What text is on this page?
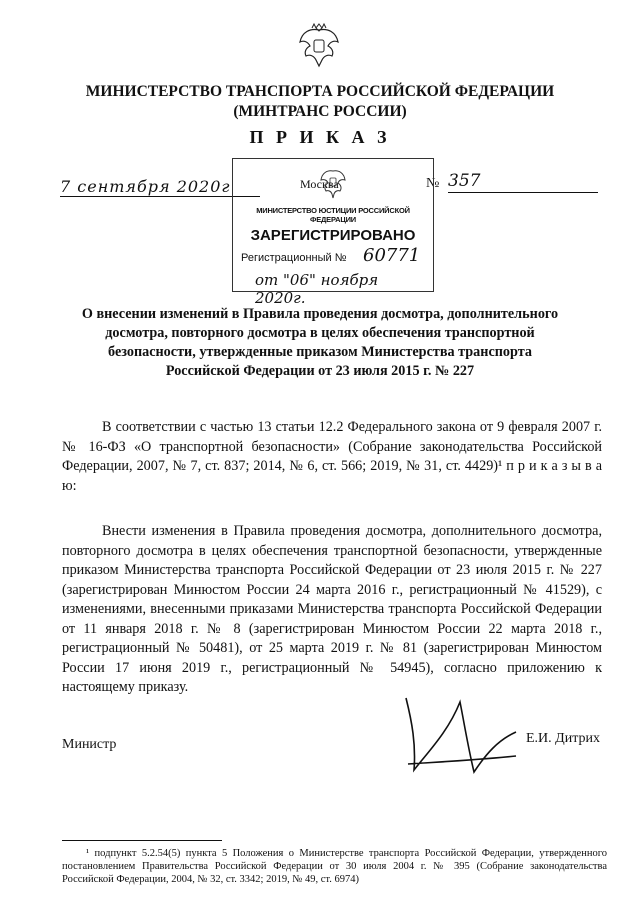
МИНИСТЕРСТВО ТРАНСПОРТА РОССИЙСКОЙ ФЕДЕРАЦИИ
(МИНТРАНС РОССИИ)
П Р И К А З
7 сентября 2020г	Москва	№ 357
МИНИСТЕРСТВО ЮСТИЦИИ РОССИЙСКОЙ ФЕДЕРАЦИИ
ЗАРЕГИСТРИРОВАНО
Регистрационный № 60771
от "06" ноября 2020г.
О внесении изменений в Правила проведения досмотра, дополнительного досмотра, повторного досмотра в целях обеспечения транспортной безопасности, утвержденные приказом Министерства транспорта Российской Федерации от 23 июля 2015 г. № 227
В соответствии с частью 13 статьи 12.2 Федерального закона от 9 февраля 2007 г. № 16-ФЗ «О транспортной безопасности» (Собрание законодательства Российской Федерации, 2007, № 7, ст. 837; 2014, № 6, ст. 566; 2019, № 31, ст. 4429)¹ п р и к а з ы в а ю:
Внести изменения в Правила проведения досмотра, дополнительного досмотра, повторного досмотра в целях обеспечения транспортной безопасности, утвержденные приказом Министерства транспорта Российской Федерации от 23 июля 2015 г. № 227 (зарегистрирован Минюстом России 24 марта 2016 г., регистрационный № 41529), с изменениями, внесенными приказами Министерства транспорта Российской Федерации от 11 января 2018 г. № 8 (зарегистрирован Минюстом России 22 марта 2018 г., регистрационный № 50481), от 25 марта 2019 г. № 81 (зарегистрирован Минюстом России 17 июня 2019 г., регистрационный № 54945), согласно приложению к настоящему приказу.
Министр	Е.И. Дитрих
¹ подпункт 5.2.54(5) пункта 5 Положения о Министерстве транспорта Российской Федерации, утвержденного постановлением Правительства Российской Федерации от 30 июля 2004 г. № 395 (Собрание законодательства Российской Федерации, 2004, № 32, ст. 3342; 2019, № 49, ст. 6974)
